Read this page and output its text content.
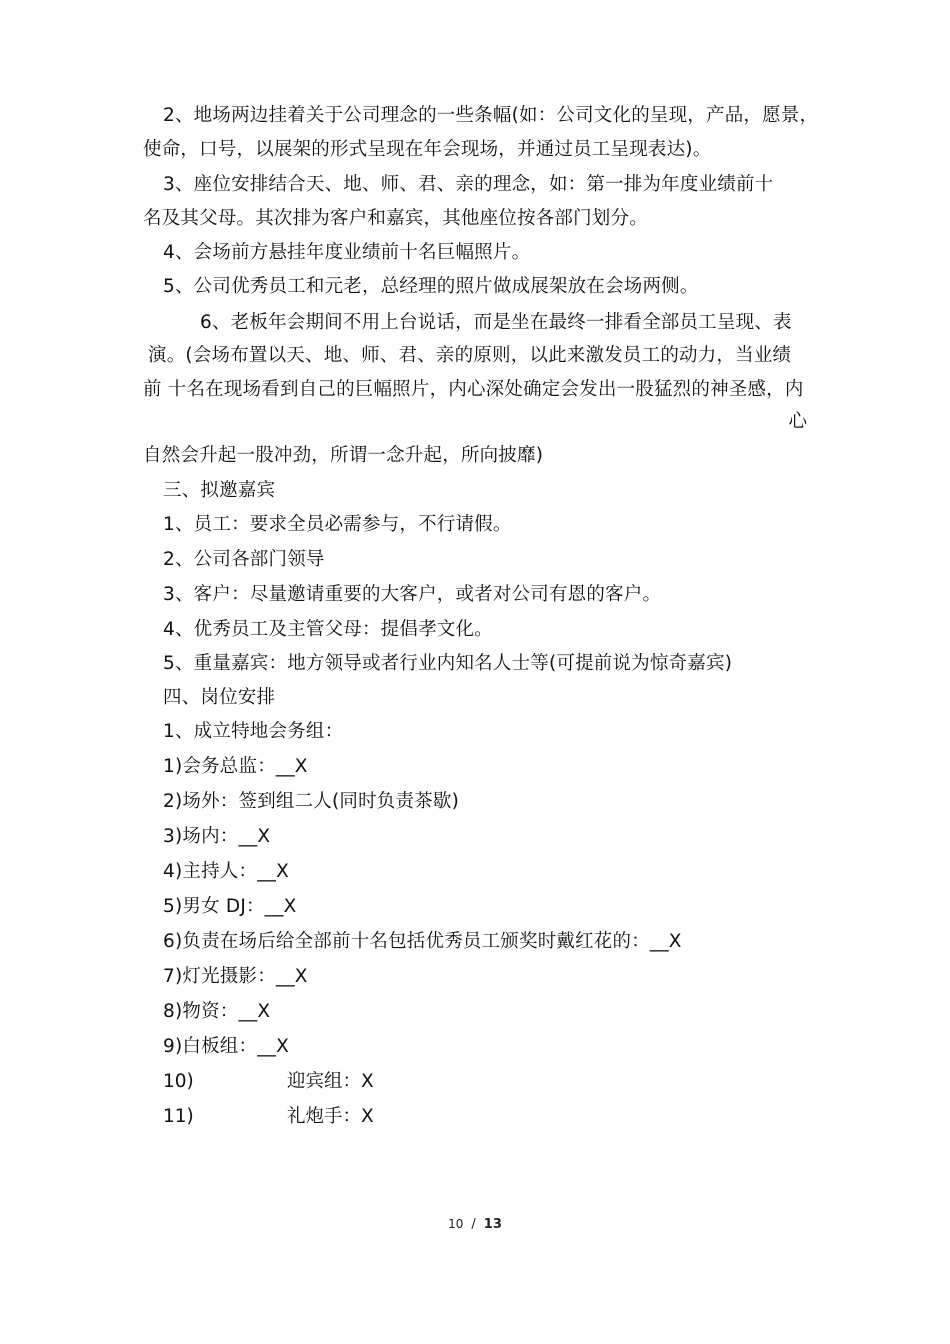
2、地场两边挂着关于公司理念的一些条幅(如：公司文化的呈现，产品，愿景，
使命，口号，以展架的形式呈现在年会现场，并通过员工呈现表达)。
3、座位安排结合天、地、师、君、亲的理念，如：第一排为年度业绩前十
名及其父母。其次排为客户和嘉宾，其他座位按各部门划分。
4、会场前方悬挂年度业绩前十名巨幅照片。
5、公司优秀员工和元老，总经理的照片做成展架放在会场两侧。
6、老板年会期间不用上台说话，而是坐在最终一排看全部员工呈现、表
演。(会场布置以天、地、师、君、亲的原则，以此来激发员工的动力，当业绩
前 十名在现场看到自己的巨幅照片，内心深处确定会发出一股猛烈的神圣感，内
心
自然会升起一股冲劲，所谓一念升起，所向披靡)
三、拟邀嘉宾
1、员工：要求全员必需参与，不行请假。
2、公司各部门领导
3、客户：尽量邀请重要的大客户，或者对公司有恩的客户。
4、优秀员工及主管父母：提倡孝文化。
5、重量嘉宾：地方领导或者行业内知名人士等(可提前说为惊奇嘉宾)
四、岗位安排
1、成立特地会务组：
1)会务总监：__X
2)场外：签到组二人(同时负责茶歇)
3)场内：__X
4)主持人：__X
5)男女 DJ：__X
6)负责在场后给全部前十名包括优秀员工颁奖时戴红花的：__X
7)灯光摄影：__X
8)物资：__X
9)白板组：__X
10)	迎宾组：X
11)	礼炮手：X
10 / 13
